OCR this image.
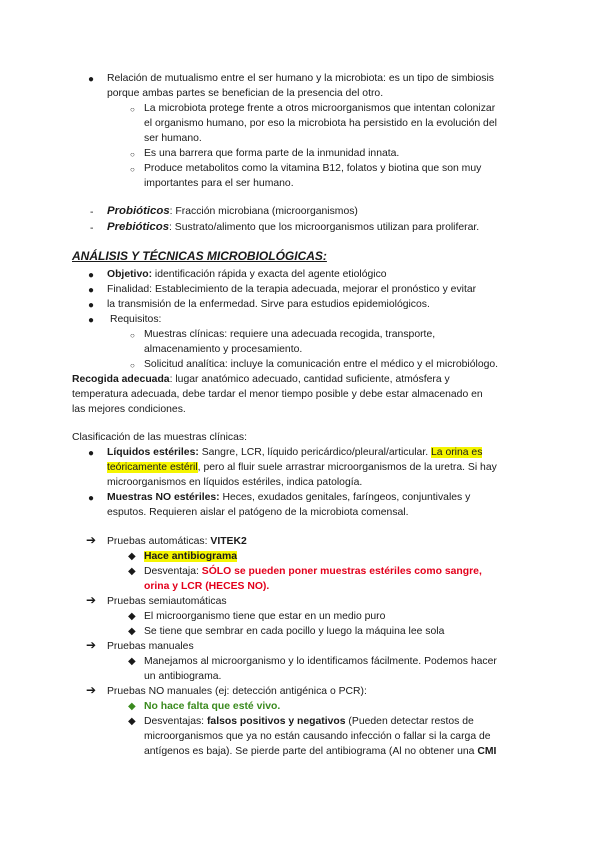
● Relación de mutualismo entre el ser humano y la microbiota: es un tipo de simbiosis
porque ambas partes se benefician de la presencia del otro.
○ La microbiota protege frente a otros microorganismos que intentan colonizar
el organismo humano, por eso la microbiota ha persistido en la evolución del
ser humano.
○ Es una barrera que forma parte de la inmunidad innata.
○ Produce metabolitos como la vitamina B12, folatos y biotina que son muy
importantes para el ser humano.
- Probióticos: Fracción microbiana (microorganismos)
- Prebióticos: Sustrato/alimento que los microorganismos utilizan para proliferar.
ANÁLISIS Y TÉCNICAS MICROBIOLÓGICAS:
● Objetivo: identificación rápida y exacta del agente etiológico
● Finalidad: Establecimiento de la terapia adecuada, mejorar el pronóstico y evitar
● la transmisión de la enfermedad. Sirve para estudios epidemiológicos.
● Requisitos:
○ Muestras clínicas: requiere una adecuada recogida, transporte,
almacenamiento y procesamiento.
○ Solicitud analítica: incluye la comunicación entre el médico y el microbiólogo.
Recogida adecuada: lugar anatómico adecuado, cantidad suficiente, atmósfera y
temperatura adecuada, debe tardar el menor tiempo posible y debe estar almacenado en
las mejores condiciones.
Clasificación de las muestras clínicas:
● Líquidos estériles: Sangre, LCR, líquido pericárdico/pleural/articular. La orina es
teóricamente estéril, pero al fluir suele arrastrar microorganismos de la uretra. Si hay
microorganismos en líquidos estériles, indica patología.
● Muestras NO estériles: Heces, exudados genitales, faríngeos, conjuntivales y
esputos. Requieren aislar el patógeno de la microbiota comensal.
➔ Pruebas automáticas: VITEK2
◆ Hace antibiograma
◆ Desventaja: SÓLO se pueden poner muestras estériles como sangre,
orina y LCR (HECES NO).
➔ Pruebas semiautomáticas
◆ El microorganismo tiene que estar en un medio puro
◆ Se tiene que sembrar en cada pocillo y luego la máquina lee sola
➔ Pruebas manuales
◆ Manejamos al microorganismo y lo identificamos fácilmente. Podemos hacer
un antibiograma.
➔ Pruebas NO manuales (ej: detección antigénica o PCR):
◆ No hace falta que esté vivo.
◆ Desventajas: falsos positivos y negativos (Pueden detectar restos de
microorganismos que ya no están causando infección o fallar si la carga de
antígenos es baja). Se pierde parte del antibiograma (Al no obtener una CMI
